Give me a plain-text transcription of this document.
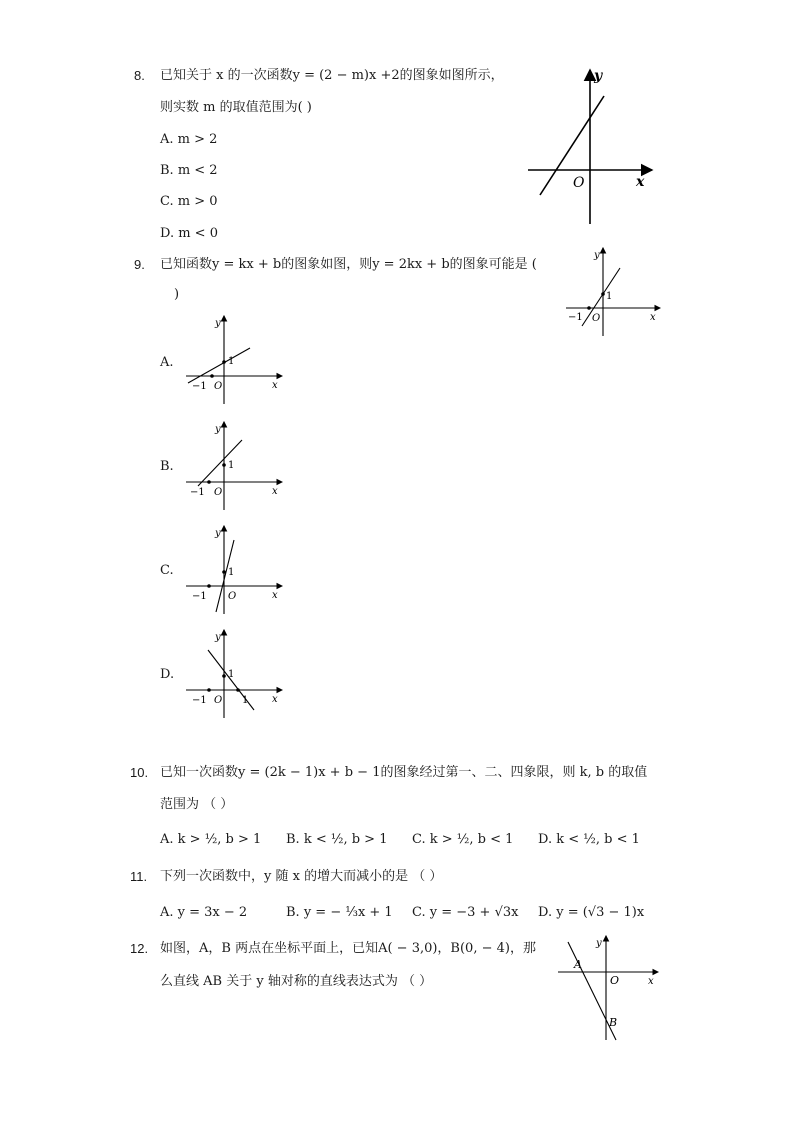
8. 已知关于 x 的一次函数y = (2 − m)x +2的图象如图所示，
则实数 m 的取值范围为( )
A. m > 2
B. m < 2
C. m > 0
D. m < 0
y
x
O
9. 已知函数y = kx + b的图象如图，则y = 2kx + b的图象可能是 (
)
y
x
O
−1
1
A.
y
x
O
−1
1
B.
y
x
O
−1
1
C.
y
x
O
−1
1
D.
y
x
O
−1
1
1
10. 已知一次函数y = (2k − 1)x + b − 1的图象经过第一、二、四象限，则 k, b 的取值
范围为 （ ）
A. k > ½, b > 1 B. k < ½, b > 1 C. k > ½, b < 1 D. k < ½, b < 1
11. 下列一次函数中，y 随 x 的增大而减小的是 （ ）
A. y = 3x − 2	B. y = − ⅓x + 1 C. y = −3 + √3x D. y = (√3 − 1)x
12. 如图，A，B 两点在坐标平面上，已知A( − 3,0)，B(0, − 4)，那
么直线 AB 关于 y 轴对称的直线表达式为 （ ）
y
x
O
A
B
